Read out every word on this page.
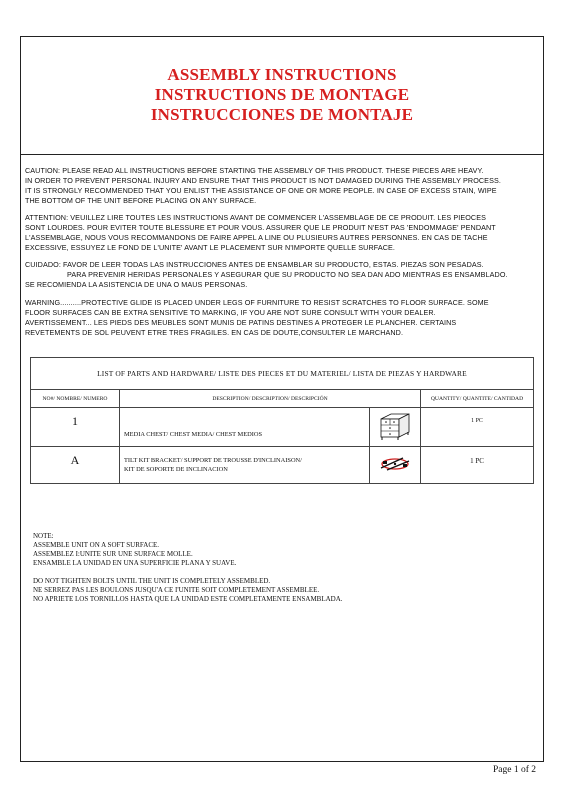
ASSEMBLY INSTRUCTIONS
INSTRUCTIONS DE MONTAGE
INSTRUCCIONES DE MONTAJE
CAUTION: PLEASE READ ALL INSTRUCTIONS BEFORE STARTING THE ASSEMBLY OF THIS PRODUCT. THESE PIECES ARE HEAVY.
IN ORDER TO PREVENT PERSONAL INJURY AND ENSURE THAT THIS PRODUCT IS NOT DAMAGED DURING THE ASSEMBLY PROCESS.
IT IS STRONGLY RECOMMENDED THAT YOU ENLIST THE ASSISTANCE OF ONE OR MORE PEOPLE. IN CASE OF EXCESS STAIN, WIPE
THE BOTTOM OF THE UNIT BEFORE PLACING ON ANY SURFACE.
ATTENTION: VEUILLEZ LIRE TOUTES LES INSTRUCTIONS AVANT DE COMMENCER L'ASSEMBLAGE DE CE PRODUIT. LES PIEOCES
SONT LOURDES. POUR EVITER TOUTE BLESSURE ET POUR VOUS. ASSURER QUE LE PRODUIT N'EST PAS 'ENDOMMAGE' PENDANT
L'ASSEMBLAGE, NOUS VOUS RECOMMANDONS DE FAIRE APPEL A LINE OU PLUSIEURS AUTRES PERSONNES. EN CAS DE TACHE
EXCESSIVE, ESSUYEZ LE FOND DE L'UNITE' AVANT LE PLACEMENT SUR N'IMPORTE QUELLE SURFACE.
CUIDADO: FAVOR DE LEER TODAS LAS INSTRUCCIONES ANTES DE ENSAMBLAR SU PRODUCTO, ESTAS. PIEZAS SON PESADAS.
PARA PREVENIR HERIDAS PERSONALES Y ASEGURAR QUE SU PRODUCTO NO SEA DAN ADO MIENTRAS ES ENSAMBLADO.
SE RECOMIENDA LA ASISTENCIA DE UNA O MAUS PERSONAS.
WARNING..........PROTECTIVE GLIDE IS PLACED UNDER LEGS OF FURNITURE TO RESIST SCRATCHES TO FLOOR SURFACE. SOME
FLOOR SURFACES CAN BE EXTRA SENSITIVE TO MARKING, IF YOU ARE NOT SURE CONSULT WITH YOUR DEALER.
AVERTISSEMENT... LES PIEDS DES MEUBLES SONT MUNIS DE PATINS DESTINES A PROTEGER LE PLANCHER. CERTAINS
REVETEMENTS DE SOL PEUVENT ETRE TRES FRAGILES. EN CAS DE DOUTE,CONSULTER LE MARCHAND.
LIST OF PARTS AND HARDWARE/ LISTE DES PIECES ET DU MATERIEL/ LISTA DE PIEZAS Y HARDWARE			
NO#/ NOMBRE/ NUMERO	DESCRIPTION/ DESCRIPTION/ DESCRIPCIÓN		QUANTITY/ QUANTITE/ CANTIDAD
1	MEDIA CHEST/ CHEST MEDIA/ CHEST MEDIOS		1 PC
A	TILT KIT BRACKET/ SUPPORT DE TROUSSE D'INCLINAISON/
KIT DE SOPORTE DE INCLINACION		1 PC
NOTE:
ASSEMBLE UNIT ON A SOFT SURFACE.
ASSEMBLEZ I:UNITE SUR UNE SURFACE MOLLE.
ENSAMBLE LA UNIDAD EN UNA SUPERFICIE PLANA Y SUAVE.
DO NOT TIGHTEN BOLTS UNTIL THE UNIT IS COMPLETELY ASSEMBLED.
NE SERREZ PAS LES BOULONS JUSQU'A CE I'UNITE SOIT COMPLETEMENT ASSEMBLEE.
NO APRIETE LOS TORNILLOS HASTA QUE LA UNIDAD ESTE COMPLETAMENTE ENSAMBLADA.
Page 1 of 2
